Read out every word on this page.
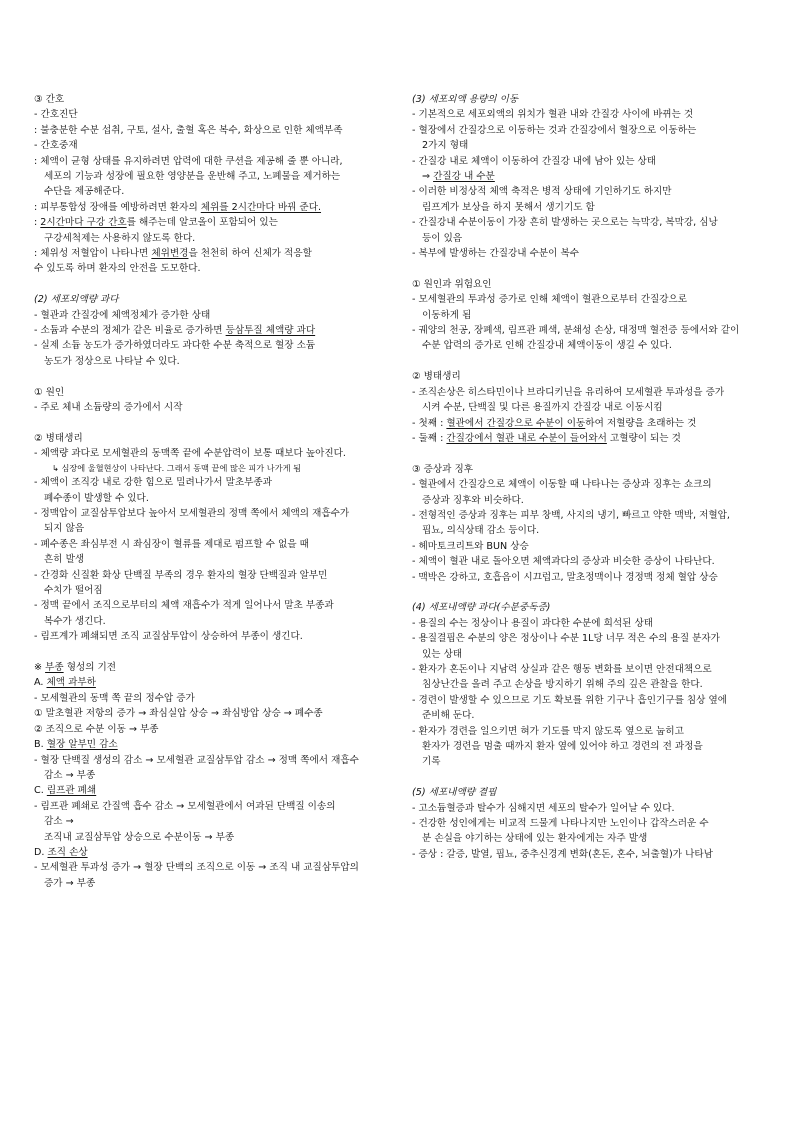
③ 간호
- 간호진단
: 불충분한 수분 섭취, 구토, 설사, 출혈 혹은 복수, 화상으로 인한 체액부족
- 간호중재
: 체액이 균형 상태를 유지하려면 압력에 대한 쿠션을 제공해 줄 뿐 아니라,
세포의 기능과 성장에 필요한 영양분을 운반해 주고, 노폐물을 제거하는
수단을 제공해준다.
: 피부통합성 장애를 예방하려면 환자의 체위를 2시간마다 바꿔 준다.
: 2시간마다 구강 간호를 해주는데 알코올이 포함되어 있는
구강세척제는 사용하지 않도록 한다.
: 체위성 저혈압이 나타나면 체위변경을 천천히 하여 신체가 적응할
수 있도록 하며 환자의 안전을 도모한다.
(2) 세포외액량 과다
- 혈관과 간질강에 체액정체가 증가한 상태
- 소듐과 수분의 정체가 같은 비율로 증가하면 등삼투질 체액량 과다
- 실제 소듐 농도가 증가하였더라도 과다한 수분 축적으로 혈장 소듐
농도가 정상으로 나타날 수 있다.
① 원인
- 주로 체내 소듐량의 증가에서 시작
② 병태생리
- 체액량 과다로 모세혈관의 동맥쪽 끝에 수분압력이 보통 때보다 높아진다.
↳ 심장에 울혈현상이 나타난다. 그래서 동맥 끝에 많은 피가 나가게 됨
- 체액이 조직강 내로 강한 힘으로 밀려나가서 말초부종과
폐수종이 발생할 수 있다.
- 정맥압이 교질삼투압보다 높아서 모세혈관의 정맥 쪽에서 체액의 재흡수가
되지 않음
- 폐수종은 좌심부전 시 좌심장이 혈류를 제대로 펌프할 수 없을 때
흔히 발생
- 간경화 신질환 화상 단백질 부족의 경우 환자의 혈장 단백질과 알부민
수치가 떨어짐
- 정맥 끝에서 조직으로부터의 체액 재흡수가 적게 일어나서 말초 부종과
복수가 생긴다.
- 림프계가 폐쇄되면 조직 교질삼투압이 상승하여 부종이 생긴다.
※ 부종 형성의 기전
A. 체액 과부하
- 모세혈관의 동맥 쪽 끝의 정수압 증가
① 말초혈관 저항의 증가 → 좌심실압 상승 → 좌심방압 상승 → 폐수종
② 조직으로 수분 이동 → 부종
B. 혈장 알부민 감소
- 혈장 단백질 생성의 감소 → 모세혈관 교질삼투압 감소 → 정맥 쪽에서 재흡수
감소 → 부종
C. 림프관 폐쇄
- 림프관 폐쇄로 간질액 흡수 감소 → 모세혈관에서 여과된 단백질 이송의
감소 →
조직내 교질삼투압 상승으로 수분이동 → 부종
D. 조직 손상
- 모세혈관 투과성 증가 → 혈장 단백의 조직으로 이동 → 조직 내 교질삼투압의
증가 → 부종
(3) 세포외액 용량의 이동
- 기본적으로 세포외액의 위치가 혈관 내와 간질강 사이에 바뀌는 것
- 혈장에서 간질강으로 이동하는 것과 간질강에서 혈장으로 이동하는
2가지 형태
- 간질강 내로 체액이 이동하여 간질강 내에 남아 있는 상태
⇒ 간질강 내 수분
- 이러한 비정상적 체액 축적은 병적 상태에 기인하기도 하지만
림프계가 보상을 하지 못해서 생기기도 함
- 간질강내 수분이동이 가장 흔히 발생하는 곳으로는 늑막강, 복막강, 심낭
등이 있음
- 복부에 발생하는 간질강내 수분이 복수
① 원인과 위험요인
- 모세혈관의 투과성 증가로 인해 체액이 혈관으로부터 간질강으로
이동하게 됨
- 궤양의 천공, 장폐색, 림프관 폐색, 분쇄성 손상, 대정맥 혈전증 등에서와 같이
수분 압력의 증가로 인해 간질강내 체액이동이 생길 수 있다.
② 병태생리
- 조직손상은 히스타민이나 브라디키닌을 유리하여 모세혈관 투과성을 증가
시켜 수분, 단백질 및 다른 용질까지 간질강 내로 이동시킴
- 첫째 : 혈관에서 간질강으로 수분이 이동하여 저혈량을 초래하는 것
- 둘째 : 간질강에서 혈관 내로 수분이 들어와서 고혈량이 되는 것
③ 증상과 징후
- 혈관에서 간질강으로 체액이 이동할 때 나타나는 증상과 징후는 쇼크의
증상과 징후와 비슷하다.
- 전형적인 증상과 징후는 피부 창백, 사지의 냉기, 빠르고 약한 맥박, 저혈압,
핍뇨, 의식상태 감소 등이다.
- 헤마토크리트와 BUN 상승
- 체액이 혈관 내로 돌아오면 체액과다의 증상과 비슷한 증상이 나타난다.
- 맥박은 강하고, 호흡음이 시끄럽고, 말초정맥이나 경정맥 정체 혈압 상승
(4) 세포내액량 과다(수분중독증)
- 용질의 수는 정상이나 용질이 과다한 수분에 희석된 상태
- 용질결핍은 수분의 양은 정상이나 수분 1L당 너무 적은 수의 용질 분자가
있는 상태
- 환자가 혼돈이나 지남력 상실과 같은 행동 변화를 보이면 안전대책으로
침상난간을 올려 주고 손상을 방지하기 위해 주의 깊은 관찰을 한다.
- 경련이 발생할 수 있으므로 기도 확보를 위한 기구나 흡인기구를 침상 옆에
준비해 둔다.
- 환자가 경련을 일으키면 혀가 기도를 막지 않도록 옆으로 눕히고
환자가 경련을 멈출 때까지 환자 옆에 있어야 하고 경련의 전 과정을
기록
(5) 세포내액량 결핍
- 고소듐혈증과 탈수가 심해지면 세포의 탈수가 일어날 수 있다.
- 건강한 성인에게는 비교적 드물게 나타나지만 노인이나 갑작스러운 수
분 손실을 야기하는 상태에 있는 환자에게는 자주 발생
- 증상 : 갈증, 발열, 핍뇨, 중추신경계 변화(혼돈, 혼수, 뇌출혈)가 나타남
